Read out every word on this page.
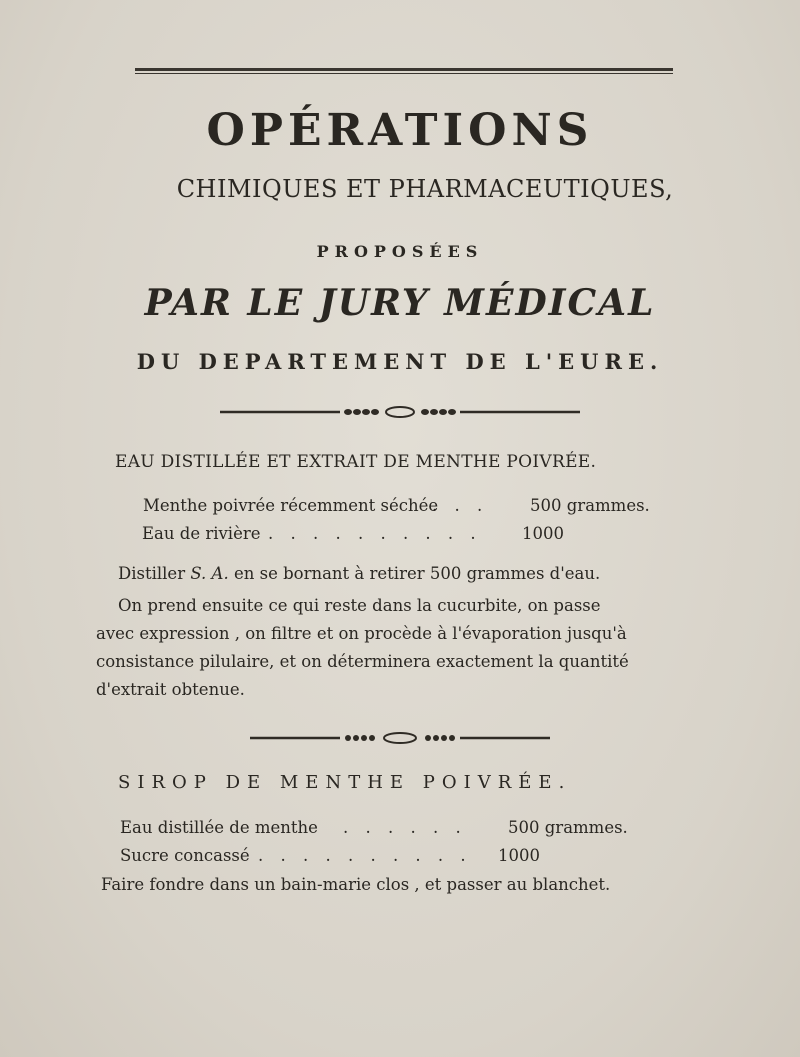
OPÉRATIONS
CHIMIQUES ET PHARMACEUTIQUES,
PROPOSÉES
PAR LE JURY MÉDICAL
DU DEPARTEMENT DE L'EURE.
EAU DISTILLÉE ET EXTRAIT DE MENTHE POIVRÉE.
Menthe poivrée récemment séchée
. . .	500 grammes.
Eau de rivière . . . . . . . . . . 1000
Distiller S. A. en se bornant à retirer 500 grammes d'eau.
On prend ensuite ce qui reste dans la cucurbite, on passe
avec expression , on filtre et on procède à l'évaporation jusqu'à
consistance pilulaire, et on déterminera exactement la quantité
d'extrait obtenue.
SIROP DE MENTHE POIVRÉE.
Eau distillée de menthe . . . . . .	500 grammes.
Sucre concassé . . . . . . . . . . 1000
Faire fondre dans un bain-marie clos , et passer au blanchet.
